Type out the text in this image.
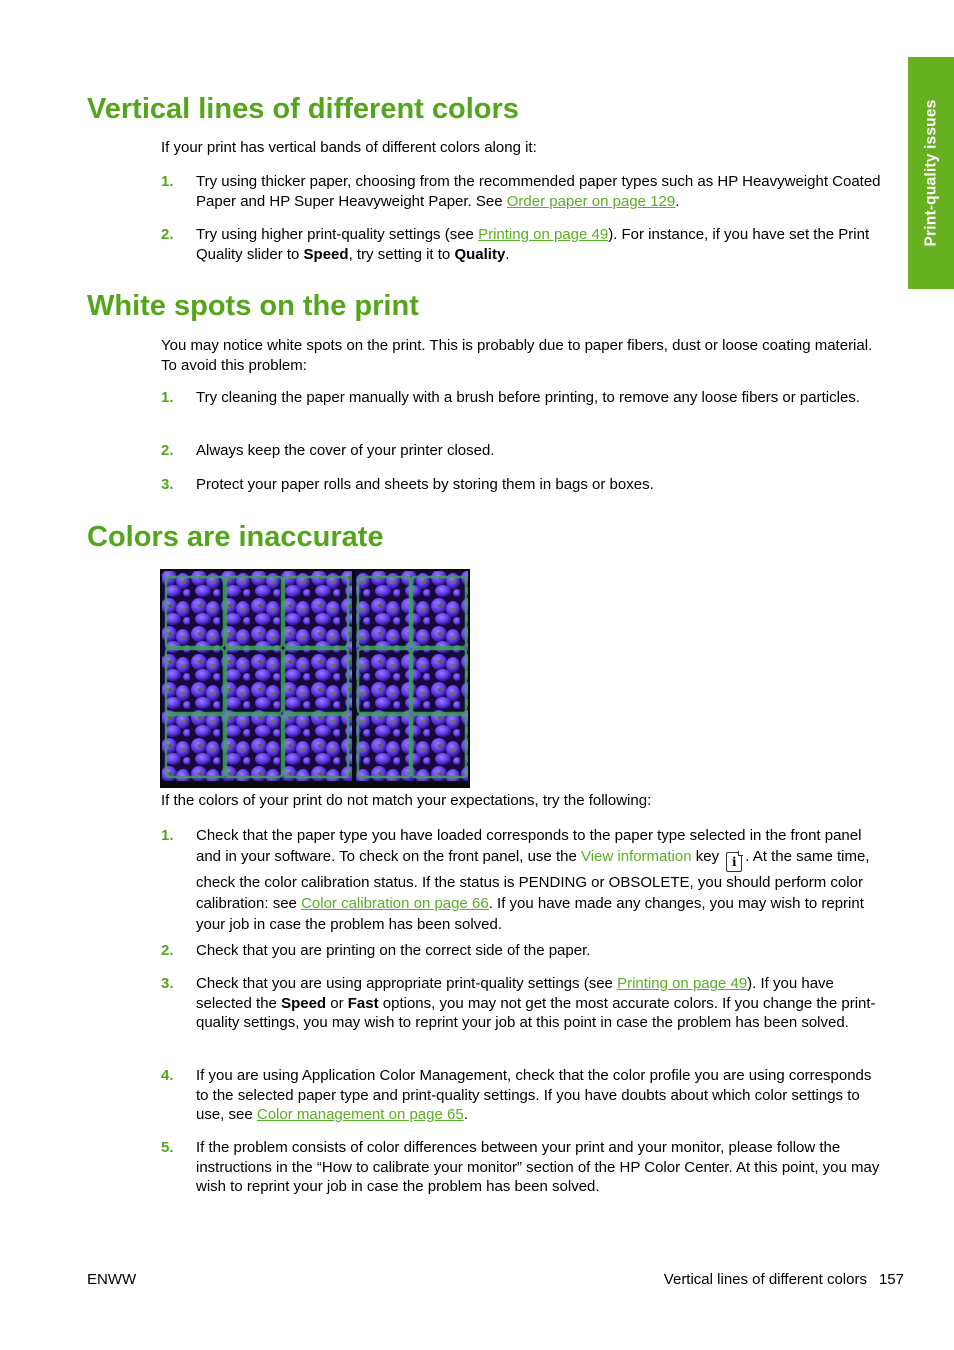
Print-quality issues
Vertical lines of different colors

If your print has vertical bands of different colors along it:

1.	Try using thicker paper, choosing from the recommended paper types such as HP Heavyweight Coated Paper and HP Super Heavyweight Paper. See Order paper on page 129.
2.	Try using higher print-quality settings (see Printing on page 49). For instance, if you have set the Print Quality slider to Speed, try setting it to Quality.
White spots on the print

You may notice white spots on the print. This is probably due to paper fibers, dust or loose coating material. To avoid this problem:

1.	Try cleaning the paper manually with a brush before printing, to remove any loose fibers or particles.
2.	Always keep the cover of your printer closed.
3.	Protect your paper rolls and sheets by storing them in bags or boxes.
Colors are inaccurate

If the colors of your print do not match your expectations, try the following:

1.	Check that the paper type you have loaded corresponds to the paper type selected in the front panel and in your software. To check on the front panel, use the View information key i . At the same time, check the color calibration status. If the status is PENDING or OBSOLETE, you should perform color calibration: see Color calibration on page 66. If you have made any changes, you may wish to reprint your job in case the problem has been solved.
2.	Check that you are printing on the correct side of the paper.
3.	Check that you are using appropriate print-quality settings (see Printing on page 49). If you have selected the Speed or Fast options, you may not get the most accurate colors. If you change the print-quality settings, you may wish to reprint your job at this point in case the problem has been solved.
4.	If you are using Application Color Management, check that the color profile you are using corresponds to the selected paper type and print-quality settings. If you have doubts about which color settings to use, see Color management on page 65.
5.	If the problem consists of color differences between your print and your monitor, please follow the instructions in the “How to calibrate your monitor” section of the HP Color Center. At this point, you may wish to reprint your job in case the problem has been solved.
ENWW	Vertical lines of different colors 157
